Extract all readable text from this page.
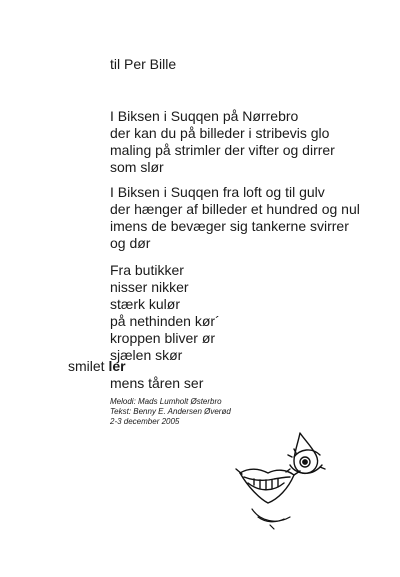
til Per Bille
I Biksen i Suqqen på Nørrebro
der kan du på billeder i stribevis glo
maling på strimler der vifter og dirrer
som slør
I Biksen i Suqqen fra loft og til gulv
der hænger af billeder et hundred og nul
imens de bevæger sig tankerne svirrer
og dør
Fra butikker
nisser nikker
stærk kulør
på nethinden kør´
kroppen bliver ør
sjælen skør
smilet ler
mens tåren ser
Melodi: Mads Lumholt Østerbro
Tekst: Benny E. Andersen Øverød
2-3 december 2005
